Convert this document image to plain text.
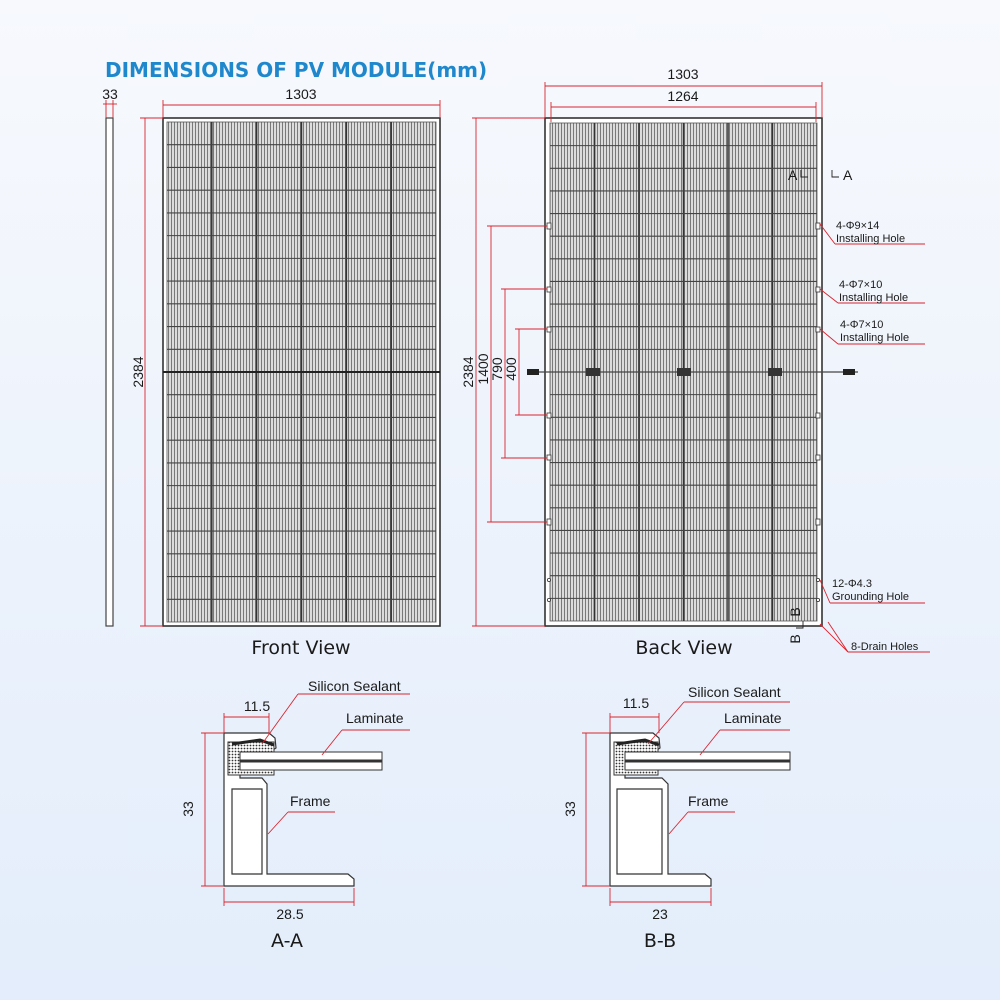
DIMENSIONS OF PV MODULE(mm)
33	1303
2384
Front View
1303
1264
2384 1400
790
400
A	A
B
B
4-Φ9×14
Installing Hole
4-Φ7×10
Installing Hole
4-Φ7×10
Installing Hole
12-Φ4.3
Grounding Hole
8-Drain Holes
Back View
11.5
33
28.5
Silicon Sealant
Laminate
Frame
A-A
11.5
33
23
Silicon Sealant
Laminate
Frame
B-B
